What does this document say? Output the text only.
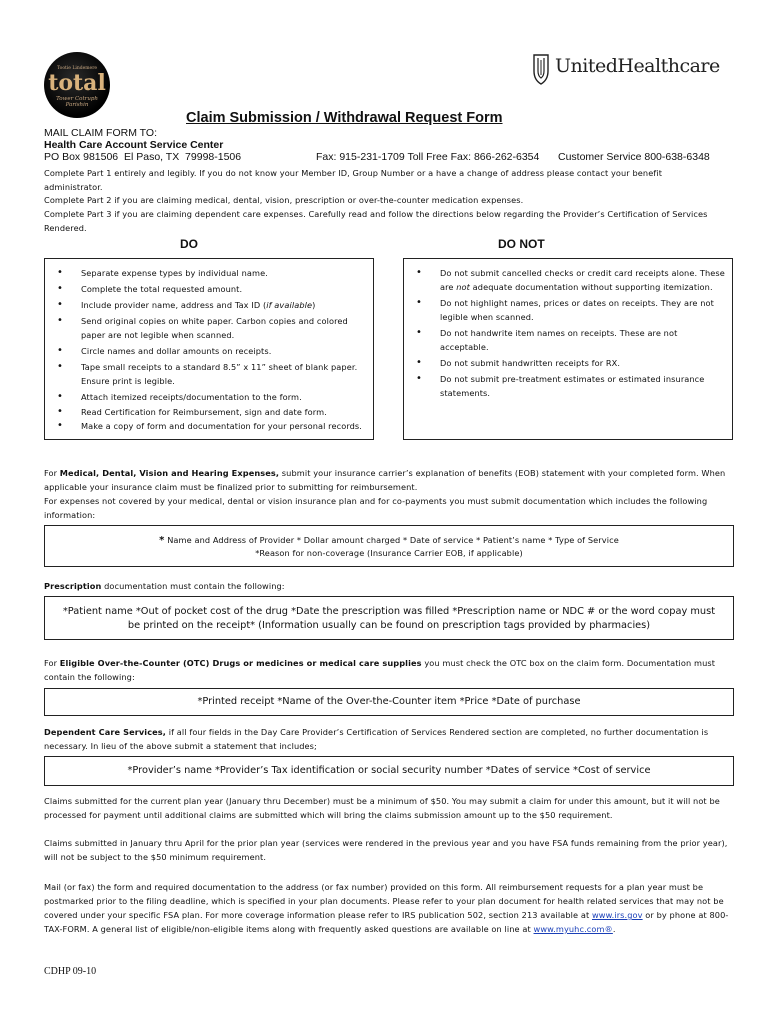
Tootie Lindemere
total
Tower Cotruph Parishin
UnitedHealthcare
Claim Submission / Withdrawal Request Form
MAIL CLAIM FORM TO:
Health Care Account Service Center
PO Box 981506  El Paso, TX  79998-1506	Fax: 915-231-1709 Toll Free Fax: 866-262-6354 Customer Service 800-638-6348
Complete Part 1 entirely and legibly. If you do not know your Member ID, Group Number or a have a change of address please contact your benefit administrator.
Complete Part 2 if you are claiming medical, dental, vision, prescription or over-the-counter medication expenses.
Complete Part 3 if you are claiming dependent care expenses. Carefully read and follow the directions below regarding the Provider’s Certification of Services Rendered.
DO	DO NOT
• Separate expense types by individual name.
• Complete the total requested amount.
• Include provider name, address and Tax ID (if available)
• Send original copies on white paper. Carbon copies and colored paper are not legible when scanned.
• Circle names and dollar amounts on receipts.
• Tape small receipts to a standard 8.5” x 11” sheet of blank paper. Ensure print is legible.
• Attach itemized receipts/documentation to the form.
• Read Certification for Reimbursement, sign and date form.
• Make a copy of form and documentation for your personal records.
• Do not submit cancelled checks or credit card receipts alone. These are not adequate documentation without supporting itemization.
• Do not highlight names, prices or dates on receipts. They are not legible when scanned.
• Do not handwrite item names on receipts. These are not acceptable.
• Do not submit handwritten receipts for RX.
• Do not submit pre-treatment estimates or estimated insurance statements.
For Medical, Dental, Vision and Hearing Expenses, submit your insurance carrier’s explanation of benefits (EOB) statement with your completed form. When applicable your insurance claim must be finalized prior to submitting for reimbursement.
For expenses not covered by your medical, dental or vision insurance plan and for co-payments you must submit documentation which includes the following information:
* Name and Address of Provider * Dollar amount charged * Date of service * Patient’s name * Type of Service
*Reason for non-coverage (Insurance Carrier EOB, if applicable)
Prescription documentation must contain the following:
*Patient name *Out of pocket cost of the drug *Date the prescription was filled *Prescription name or NDC # or the word copay must
be printed on the receipt* (Information usually can be found on prescription tags provided by pharmacies)
For Eligible Over-the-Counter (OTC) Drugs or medicines or medical care supplies you must check the OTC box on the claim form. Documentation must contain the following:
*Printed receipt *Name of the Over-the-Counter item *Price *Date of purchase
Dependent Care Services, if all four fields in the Day Care Provider’s Certification of Services Rendered section are completed, no further documentation is necessary. In lieu of the above submit a statement that includes;
*Provider’s name *Provider’s Tax identification or social security number *Dates of service *Cost of service
Claims submitted for the current plan year (January thru December) must be a minimum of $50. You may submit a claim for under this amount, but it will not be processed for payment until additional claims are submitted which will bring the claims submission amount up to the $50 requirement.
Claims submitted in January thru April for the prior plan year (services were rendered in the previous year and you have FSA funds remaining from the prior year), will not be subject to the $50 minimum requirement.
Mail (or fax) the form and required documentation to the address (or fax number) provided on this form. All reimbursement requests for a plan year must be postmarked prior to the filing deadline, which is specified in your plan documents. Please refer to your plan document for health related services that may not be covered under your specific FSA plan. For more coverage information please refer to IRS publication 502, section 213 available at www.irs.gov or by phone at 800-TAX-FORM. A general list of eligible/non-eligible items along with frequently asked questions are available on line at www.myuhc.com®.
CDHP 09-10
